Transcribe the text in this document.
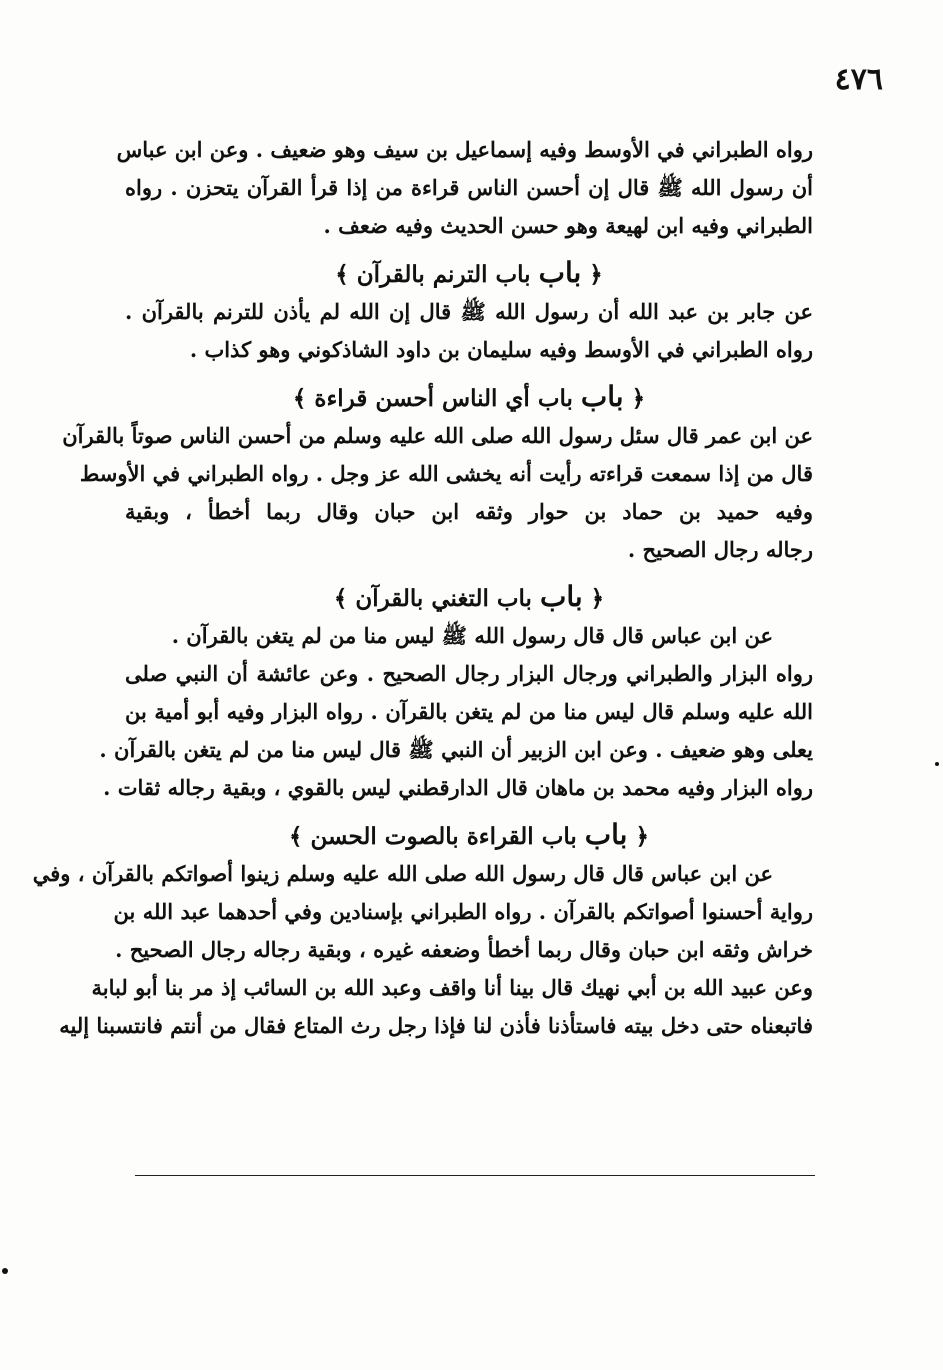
٤٧٦
رواه الطبراني في الأوسط وفيه إسماعيل بن سيف وهو ضعيف . وعن ابن عباس
أن رسول الله ﷺ قال إن أحسن الناس قراءة من إذا قرأ القرآن يتحزن . رواه
الطبراني وفيه ابن لهيعة وهو حسن الحديث وفيه ضعف .
﴿ باب باب الترنم بالقرآن ﴾
عن جابر بن عبد الله أن رسول الله ﷺ قال إن الله لم يأذن للترنم بالقرآن .
رواه الطبراني في الأوسط وفيه سليمان بن داود الشاذكوني وهو كذاب .
﴿ باب باب أي الناس أحسن قراءة ﴾
عن ابن عمر قال سئل رسول الله صلى الله عليه وسلم من أحسن الناس صوتاً بالقرآن
قال من إذا سمعت قراءته رأيت أنه يخشى الله عز وجل . رواه الطبراني في الأوسط
وفيه حميد بن حماد بن حوار وثقه ابن حبان وقال ربما أخطأ ، وبقية
رجاله رجال الصحيح .
﴿ باب باب التغني بالقرآن ﴾
عن ابن عباس قال قال رسول الله ﷺ ليس منا من لم يتغن بالقرآن .
رواه البزار والطبراني ورجال البزار رجال الصحيح . وعن عائشة أن النبي صلى
الله عليه وسلم قال ليس منا من لم يتغن بالقرآن . رواه البزار وفيه أبو أمية بن
يعلى وهو ضعيف . وعن ابن الزبير أن النبي ﷺ قال ليس منا من لم يتغن بالقرآن .
رواه البزار وفيه محمد بن ماهان قال الدارقطني ليس بالقوي ، وبقية رجاله ثقات .
﴿ باب باب القراءة بالصوت الحسن ﴾
عن ابن عباس قال قال رسول الله صلى الله عليه وسلم زينوا أصواتكم بالقرآن ، وفي
رواية أحسنوا أصواتكم بالقرآن . رواه الطبراني بإسنادين وفي أحدهما عبد الله بن
خراش وثقه ابن حبان وقال ربما أخطأ وضعفه غيره ، وبقية رجاله رجال الصحيح .
وعن عبيد الله بن أبي نهيك قال بينا أنا واقف وعبد الله بن السائب إذ مر بنا أبو لبابة
فاتبعناه حتى دخل بيته فاستأذنا فأذن لنا فإذا رجل رث المتاع فقال من أنتم فانتسبنا إليه
